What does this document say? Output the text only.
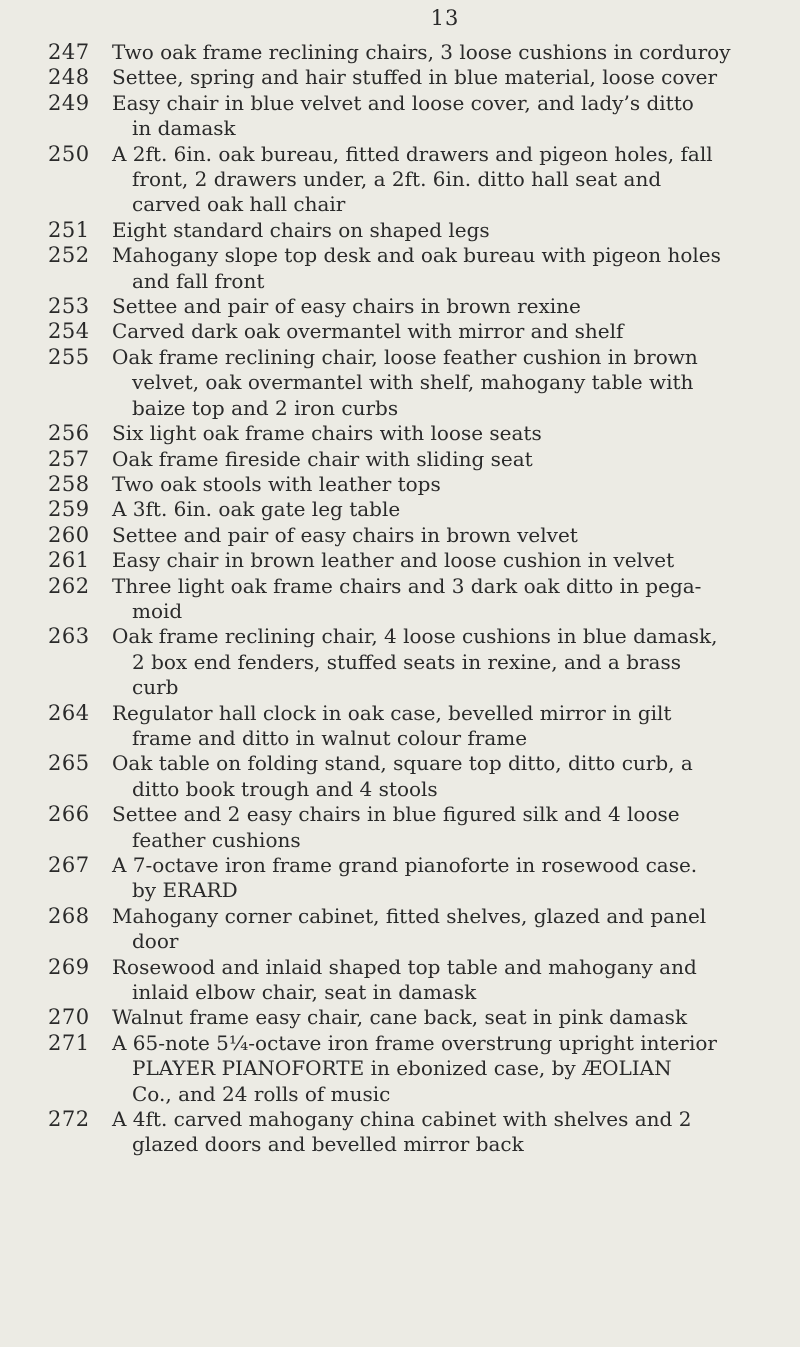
13
247	Two oak frame reclining chairs, 3 loose cushions in corduroy
248	Settee, spring and hair stuffed in blue material, loose cover
249	Easy chair in blue velvet and loose cover, and lady’s ditto
in damask
250	A 2ft. 6in. oak bureau, fitted drawers and pigeon holes, fall
front, 2 drawers under, a 2ft. 6in. ditto hall seat and
carved oak hall chair
251	Eight standard chairs on shaped legs
252	Mahogany slope top desk and oak bureau with pigeon holes
and fall front
253	Settee and pair of easy chairs in brown rexine
254	Carved dark oak overmantel with mirror and shelf
255	Oak frame reclining chair, loose feather cushion in brown
velvet, oak overmantel with shelf, mahogany table with
baize top and 2 iron curbs
256	Six light oak frame chairs with loose seats
257	Oak frame fireside chair with sliding seat
258	Two oak stools with leather tops
259	A 3ft. 6in. oak gate leg table
260	Settee and pair of easy chairs in brown velvet
261	Easy chair in brown leather and loose cushion in velvet
262	Three light oak frame chairs and 3 dark oak ditto in pega-
moid
263	Oak frame reclining chair, 4 loose cushions in blue damask,
2 box end fenders, stuffed seats in rexine, and a brass
curb
264	Regulator hall clock in oak case, bevelled mirror in gilt
frame and ditto in walnut colour frame
265	Oak table on folding stand, square top ditto, ditto curb, a
ditto book trough and 4 stools
266	Settee and 2 easy chairs in blue figured silk and 4 loose
feather cushions
267	A 7-octave iron frame grand pianoforte in rosewood case.
by ERARD
268	Mahogany corner cabinet, fitted shelves, glazed and panel
door
269	Rosewood and inlaid shaped top table and mahogany and
inlaid elbow chair, seat in damask
270	Walnut frame easy chair, cane back, seat in pink damask
271	A 65-note 5¼-octave iron frame overstrung upright interior
PLAYER PIANOFORTE in ebonized case, by ÆOLIAN
Co., and 24 rolls of music
272	A 4ft. carved mahogany china cabinet with shelves and 2
glazed doors and bevelled mirror back
